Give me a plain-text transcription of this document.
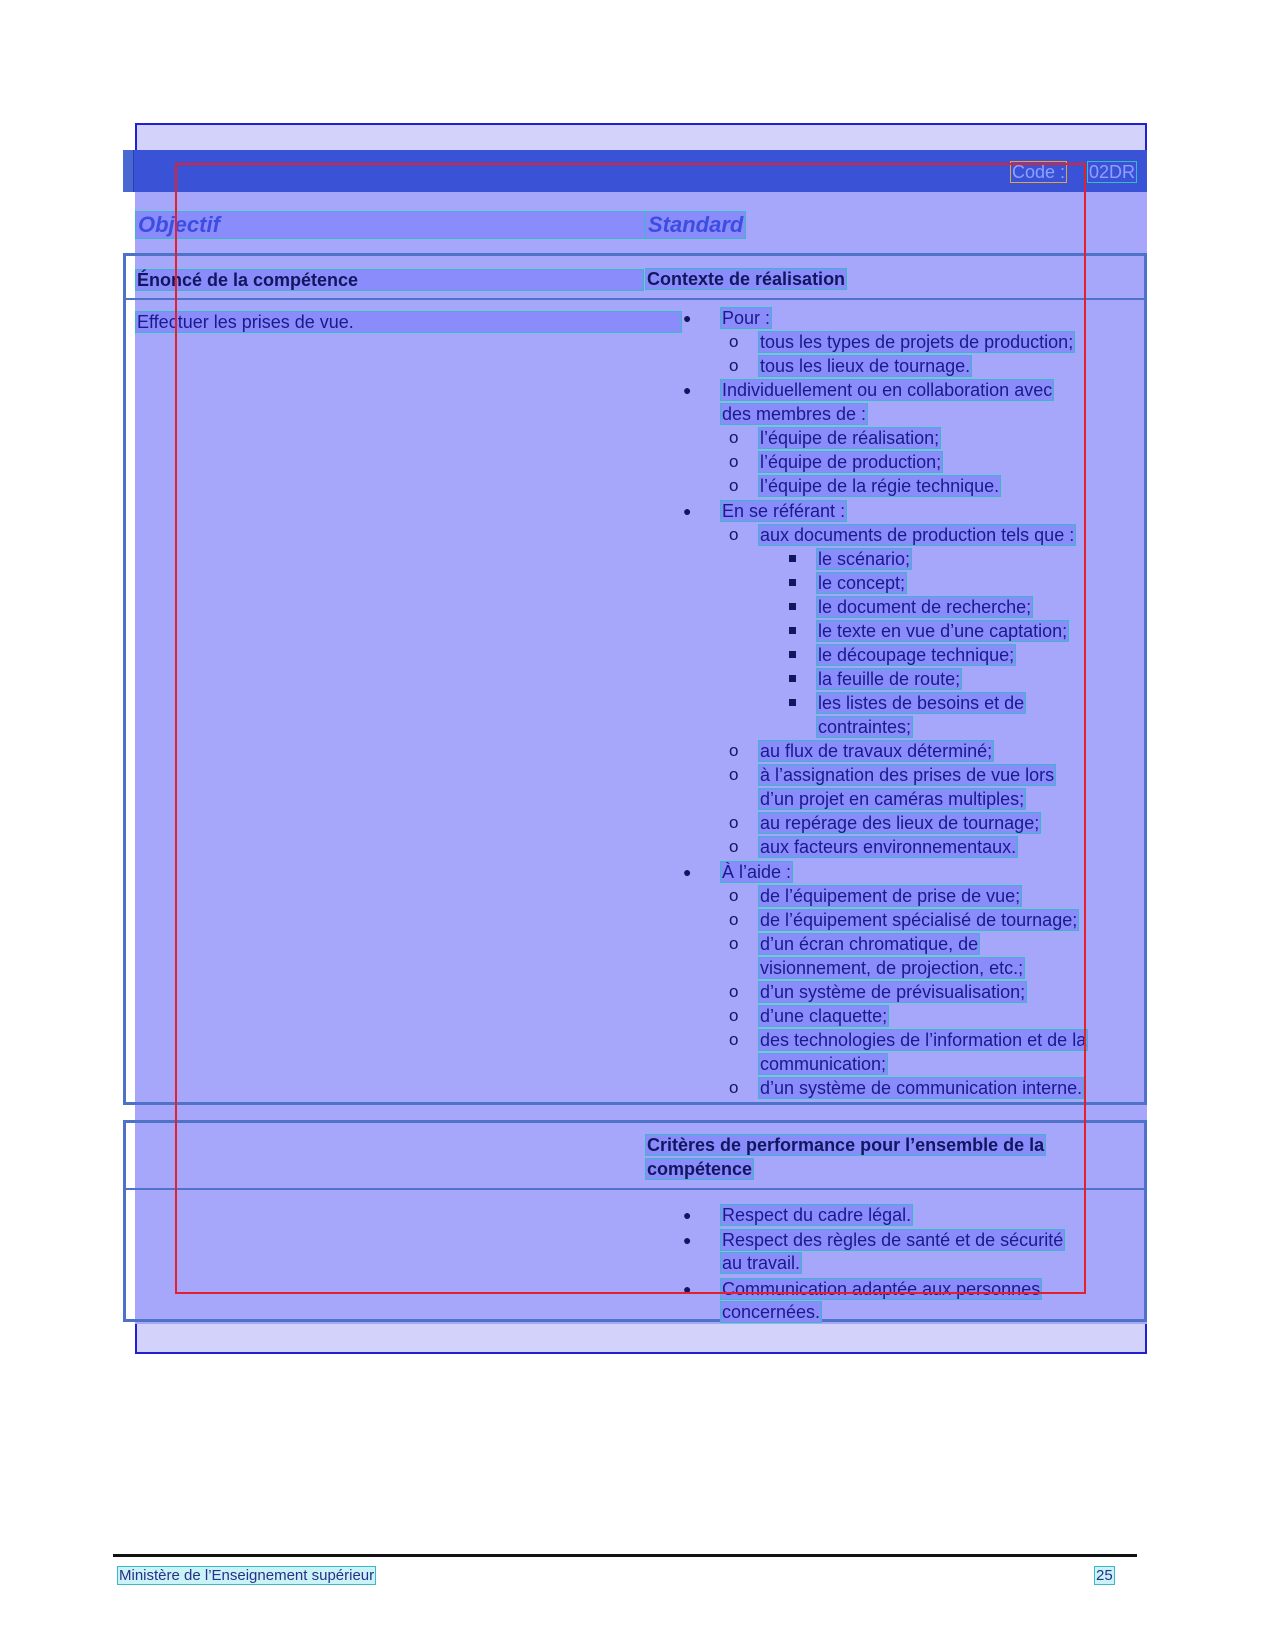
Code : 02DR
Objectif	Standard
Énoncé de la compétence	Contexte de réalisation
Effectuer les prises de vue.	● Pour :
o tous les types de projets de production;
o tous les lieux de tournage.
● Individuellement ou en collaboration avec
des membres de :
o l’équipe de réalisation;
o l’équipe de production;
o l’équipe de la régie technique.
● En se référant :
o aux documents de production tels que :
le scénario;
le concept;
le document de recherche;
le texte en vue d’une captation;
le découpage technique;
la feuille de route;
les listes de besoins et de
contraintes;
o au flux de travaux déterminé;
o à l’assignation des prises de vue lors
d’un projet en caméras multiples;
o au repérage des lieux de tournage;
o aux facteurs environnementaux.
● À l’aide :
o de l’équipement de prise de vue;
o de l’équipement spécialisé de tournage;
o d’un écran chromatique, de
visionnement, de projection, etc.;
o d’un système de prévisualisation;
o d’une claquette;
o des technologies de l’information et de la
communication;
o d’un système de communication interne.
Critères de performance pour l’ensemble de la
compétence
● Respect du cadre légal.
● Respect des règles de santé et de sécurité
au travail.
● Communication adaptée aux personnes
concernées.
Ministère de l’Enseignement supérieur	25
